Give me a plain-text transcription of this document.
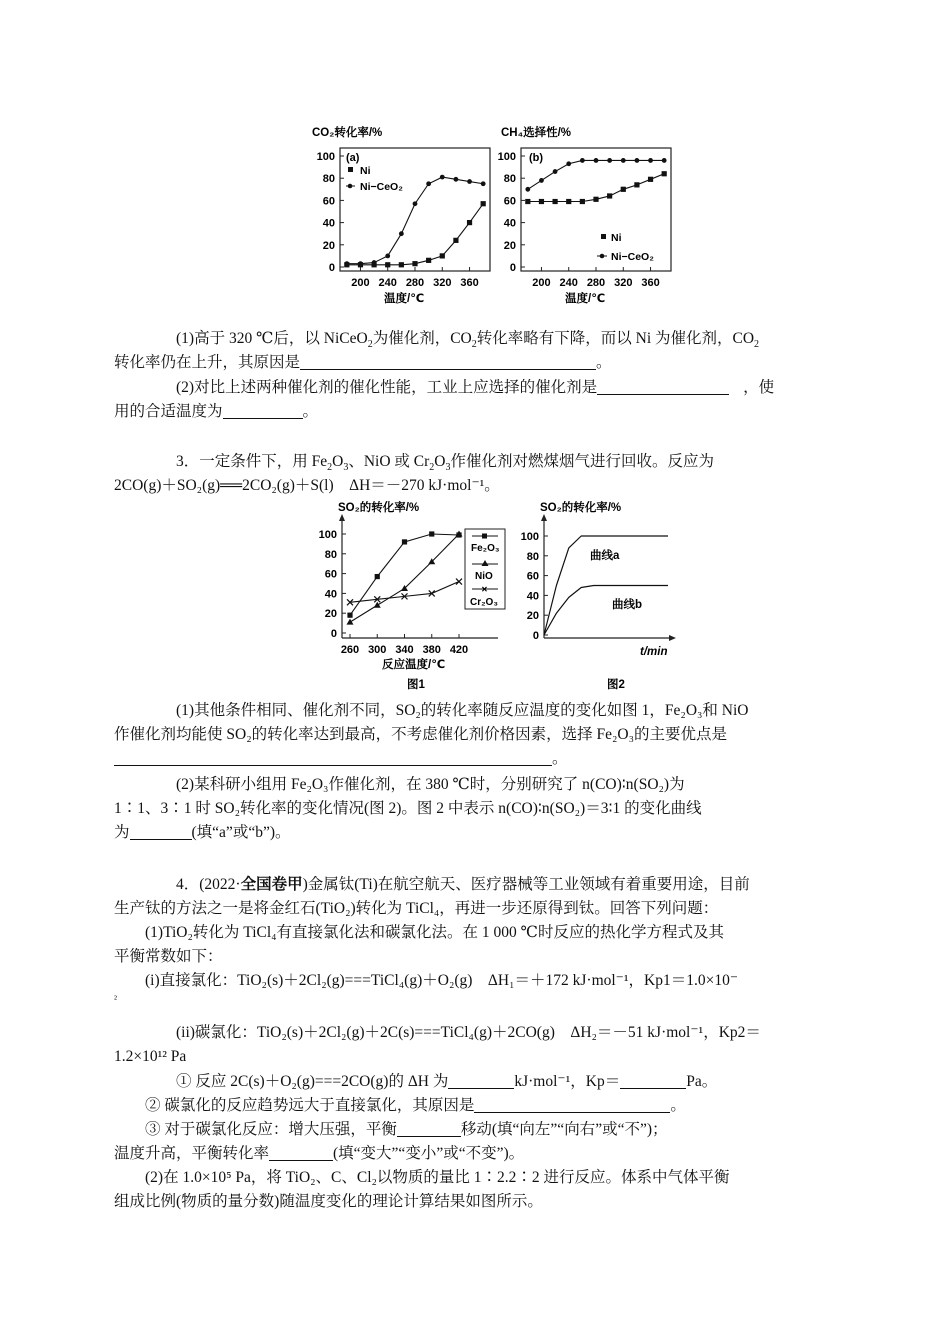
CO₂转化率/%
(a)
0
20
40
60
80
100
200 240 280 320 360
Ni
Ni−CeO₂
温度/℃
CH₄选择性/%
(b)
0
20
40
60
80
100
200 240 280 320 360
Ni
Ni−CeO₂
温度/℃
(1)高于 320 ℃后，以 NiCeO$_2$为催化剂，$CO_2$转化率略有下降，而以 Ni 为催化剂，$CO_2$
转化率仍在上升，其原因是	。
(2)对比上述两种催化剂的催化性能，工业上应选择的催化剂是	，使
用的合适温度为	。
3．一定条件下，用 $Fe_2O_3$、NiO 或 $Cr_2O_3$作催化剂对燃煤烟气进行回收。反应为
2CO(g)＋SO₂(g)══2CO₂(g)＋S(l)　ΔH＝－270 kJ·mol⁻¹。
SO₂的转化率/%
0
20
40
60
80
100
260 300 340 380 420
Fe₂O₃
NiO
×
Cr₂O₃
反应温度/℃
图1
SO₂的转化率/%
0
20
40
60
80
100
曲线a
曲线b
t/min
图2
(1)其他条件相同、催化剂不同，SO₂的转化率随反应温度的变化如图 1，Fe₂O₃和 NiO
作催化剂均能使 SO₂的转化率达到最高，不考虑催化剂价格因素，选择 Fe₂O₃的主要优点是
。
(2)某科研小组用 Fe₂O₃作催化剂，在 380 ℃时，分别研究了 n(CO)∶n(SO₂)为
1∶1、3∶1 时 SO₂转化率的变化情况(图 2)。图 2 中表示 n(CO)∶n(SO₂)＝3∶1 的变化曲线
为	(填“a”或“b”)。
4．(2022·全国卷甲)金属钛(Ti)在航空航天、医疗器械等工业领域有着重要用途，目前
生产钛的方法之一是将金红石(TiO₂)转化为 TiCl₄，再进一步还原得到钛。回答下列问题：
(1)TiO₂转化为 TiCl₄有直接氯化法和碳氯化法。在 1 000 ℃时反应的热化学方程式及其
平衡常数如下：
(i)直接氯化：TiO₂(s)＋2Cl₂(g)===TiCl₄(g)＋O₂(g)　ΔH₁＝＋172 kJ·mol⁻¹，Kp1＝1.0×10⁻
$^{^2}$
(ii)碳氯化：TiO₂(s)＋2Cl₂(g)＋2C(s)===TiCl₄(g)＋2CO(g)　ΔH₂＝－51 kJ·mol⁻¹，Kp2＝
1.2×10¹² Pa
① 反应 2C(s)＋O₂(g)===2CO(g)的 ΔH 为	kJ·mol⁻¹，Kp＝	Pa。
② 碳氯化的反应趋势远大于直接氯化，其原因是	。
③ 对于碳氯化反应：增大压强，平衡	移动(填“向左”“向右”或“不”)；
温度升高，平衡转化率	(填“变大”“变小”或“不变”)。
(2)在 1.0×10⁵ Pa，将 TiO₂、C、Cl₂以物质的量比 1∶2.2∶2 进行反应。体系中气体平衡
组成比例(物质的量分数)随温度变化的理论计算结果如图所示。
